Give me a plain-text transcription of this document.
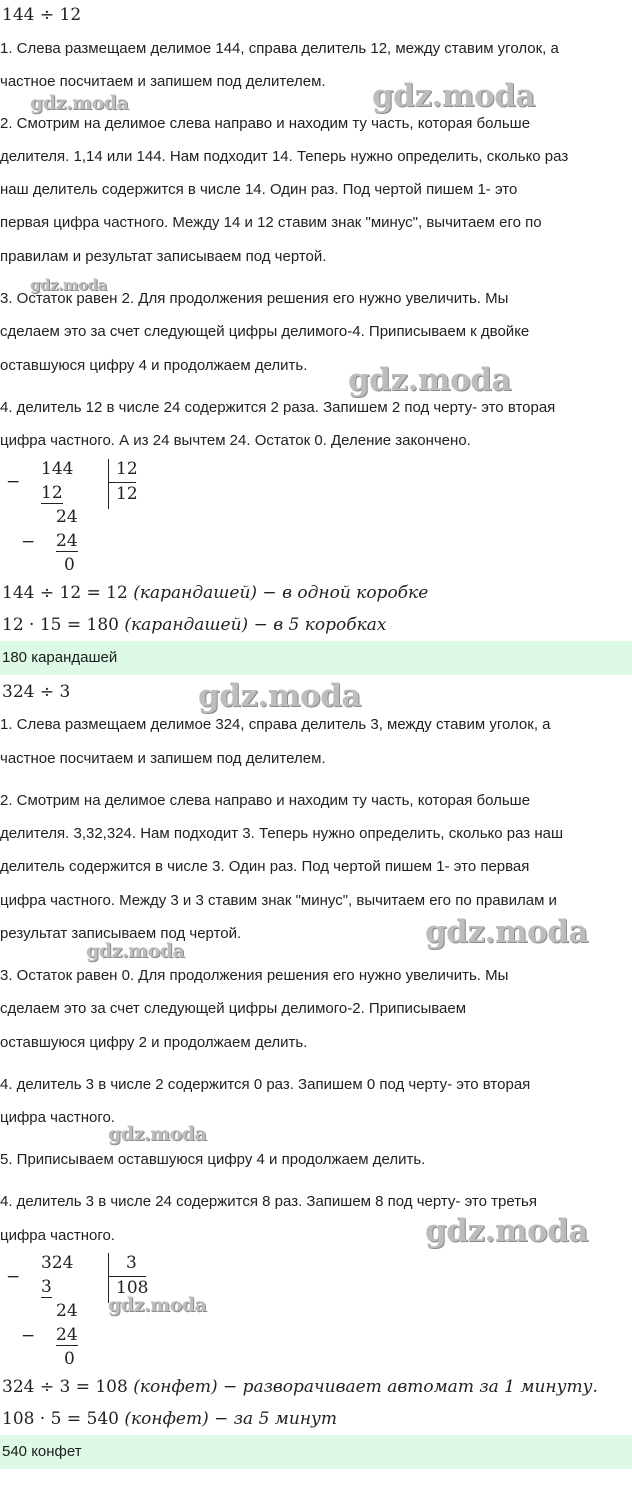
144 ÷ 12
1. Слева размещаем делимое 144, справа делитель 12, между ставим уголок, а
частное посчитаем и запишем под делителем.
2. Смотрим на делимое слева направо и находим ту часть, которая больше
делителя. 1,14 или 144. Нам подходит 14. Теперь нужно определить, сколько раз
наш делитель содержится в числе 14. Один раз. Под чертой пишем 1- это
первая цифра частного. Между 14 и 12 ставим знак "минус", вычитаем его по
правилам и результат записываем под чертой.
3. Остаток равен 2. Для продолжения решения его нужно увеличить. Мы
сделаем это за счет следующей цифры делимого-4. Приписываем к двойке
оставшуюся цифру 4 и продолжаем делить.
4. делитель 12 в числе 24 содержится 2 раза. Запишем 2 под черту- это вторая
цифра частного. А из 24 вычтем 24. Остаток 0. Деление закончено.
−
144
12
24
− 24
0
12
12
144 ÷ 12 = 12 (карандашей) − в одной коробке
12 · 15 = 180 (карандашей) − в 5 коробках
180 карандашей
324 ÷ 3
1. Слева размещаем делимое 324, справа делитель 3, между ставим уголок, а
частное посчитаем и запишем под делителем.
2. Смотрим на делимое слева направо и находим ту часть, которая больше
делителя. 3,32,324. Нам подходит 3. Теперь нужно определить, сколько раз наш
делитель содержится в числе 3. Один раз. Под чертой пишем 1- это первая
цифра частного. Между 3 и 3 ставим знак "минус", вычитаем его по правилам и
результат записываем под чертой.
3. Остаток равен 0. Для продолжения решения его нужно увеличить. Мы
сделаем это за счет следующей цифры делимого-2. Приписываем
оставшуюся цифру 2 и продолжаем делить.
4. делитель 3 в числе 2 содержится 0 раз. Запишем 0 под черту- это вторая
цифра частного.
5. Приписываем оставшуюся цифру 4 и продолжаем делить.
4. делитель 3 в числе 24 содержится 8 раз. Запишем 8 под черту- это третья
цифра частного.
−
324
3
24
− 24
0
3
108
324 ÷ 3 = 108 (конфет) − разворачивает автомат за 1 минуту.
108 · 5 = 540 (конфет) − за 5 минут
540 конфет
gdz.moda	gdz.moda
gdz.moda
gdz.moda
gdz.moda
gdz.moda
gdz.moda
gdz.moda
gdz.moda
gdz.moda
